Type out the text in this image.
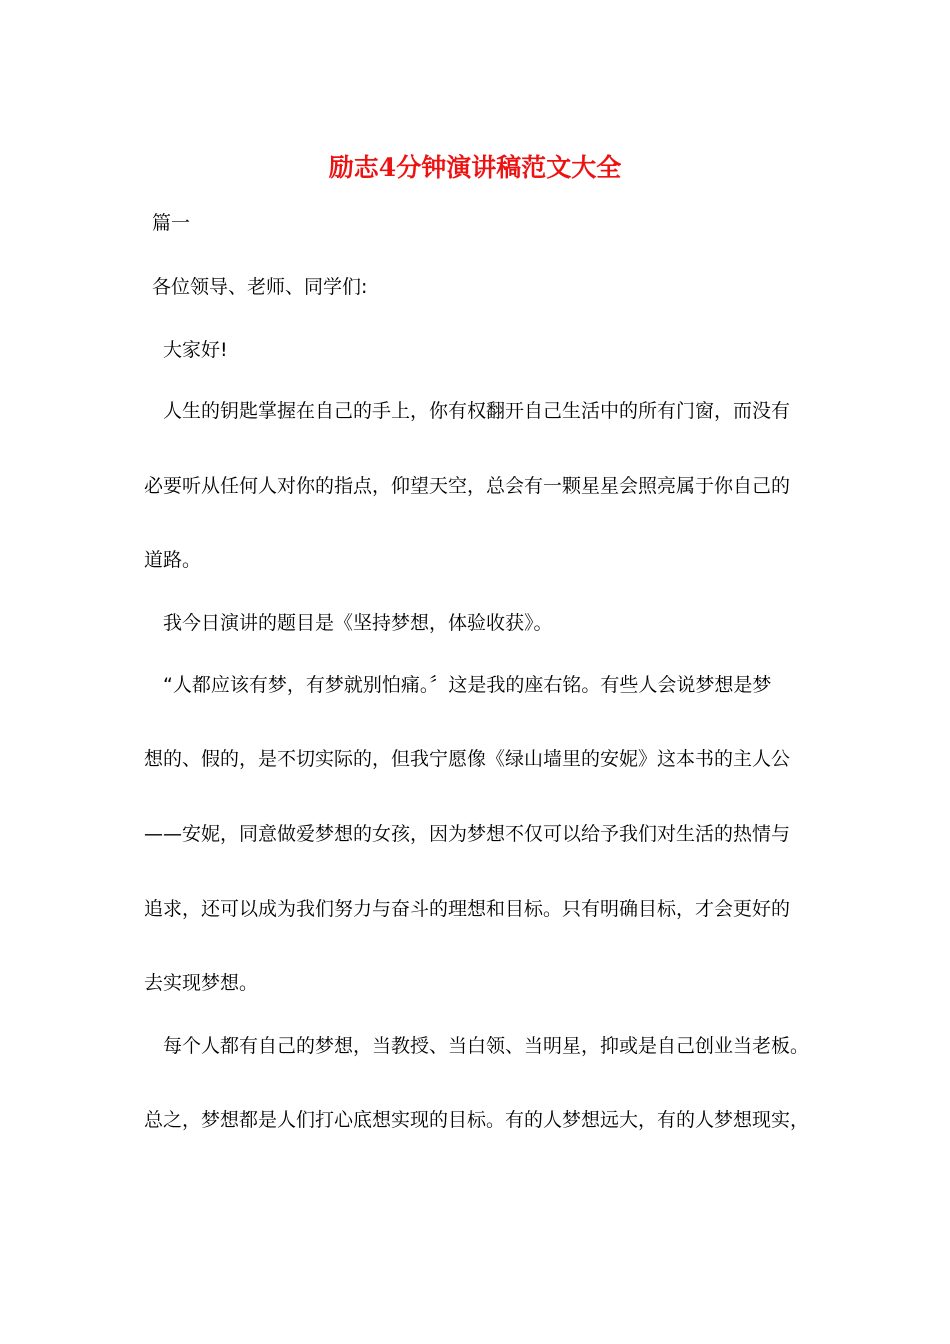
励志4分钟演讲稿范文大全
篇一
各位领导、老师、同学们:
大家好!
人生的钥匙掌握在自己的手上，你有权翻开自己生活中的所有门窗，而没有
必要听从任何人对你的指点，仰望天空，总会有一颗星星会照亮属于你自己的
道路。
我今日演讲的题目是《坚持梦想，体验收获》。
“人都应该有梦，有梦就别怕痛。〞这是我的座右铭。有些人会说梦想是梦
想的、假的，是不切实际的，但我宁愿像《绿山墙里的安妮》这本书的主人公
——安妮，同意做爱梦想的女孩，因为梦想不仅可以给予我们对生活的热情与
追求，还可以成为我们努力与奋斗的理想和目标。只有明确目标，才会更好的
去实现梦想。
每个人都有自己的梦想，当教授、当白领、当明星，抑或是自己创业当老板。
总之，梦想都是人们打心底想实现的目标。有的人梦想远大，有的人梦想现实，
